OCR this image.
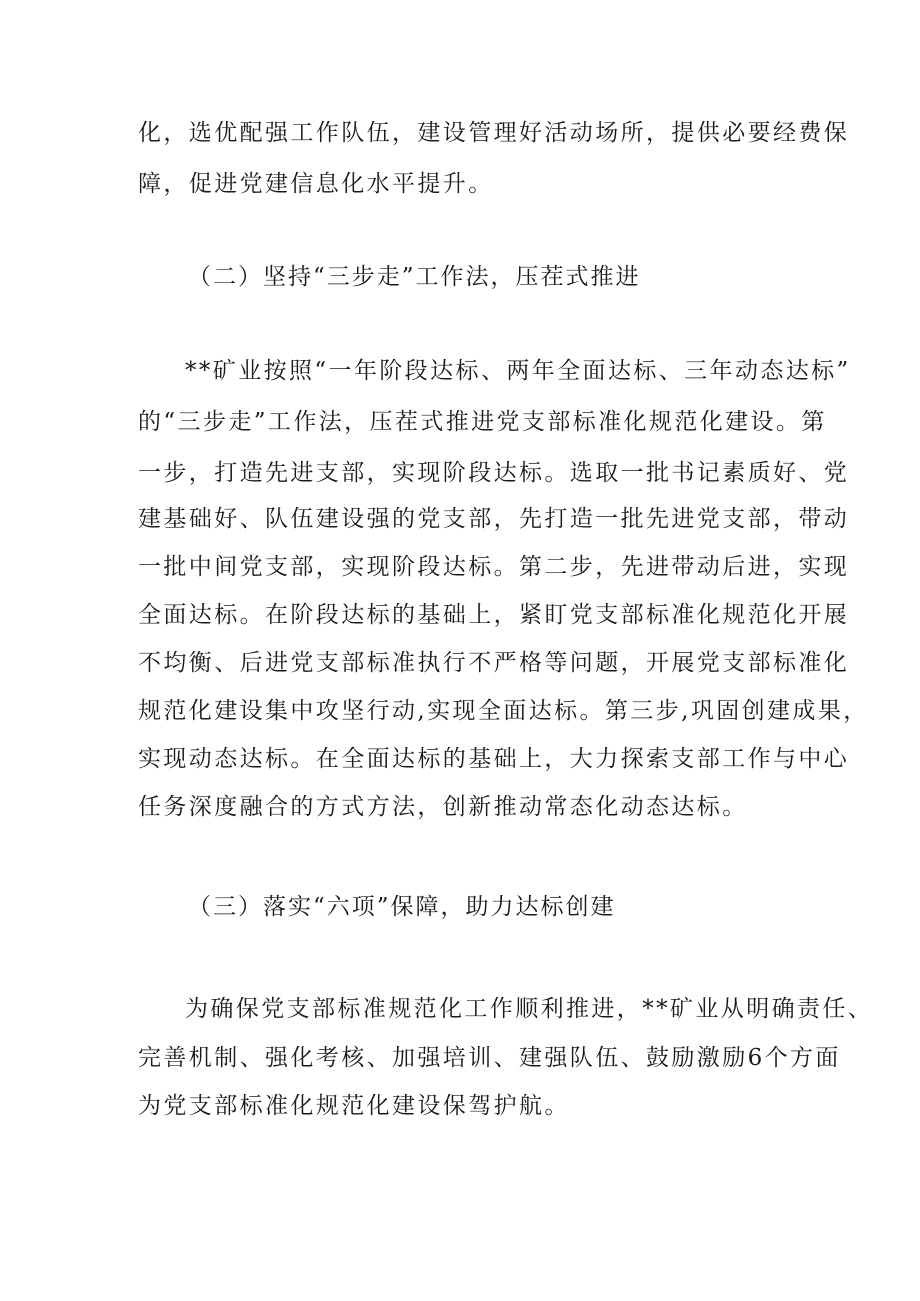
化，选优配强工作队伍，建设管理好活动场所，提供必要经费保
障，促进党建信息化水平提升。
（二）坚持“三步走”工作法，压茬式推进
**矿业按照“一年阶段达标、两年全面达标、三年动态达标”
的“三步走”工作法，压茬式推进党支部标准化规范化建设。第
一步，打造先进支部，实现阶段达标。选取一批书记素质好、党
建基础好、队伍建设强的党支部，先打造一批先进党支部，带动
一批中间党支部，实现阶段达标。第二步，先进带动后进，实现
全面达标。在阶段达标的基础上，紧盯党支部标准化规范化开展
不均衡、后进党支部标准执行不严格等问题，开展党支部标准化
规范化建设集中攻坚行动,实现全面达标。第三步,巩固创建成果，
实现动态达标。在全面达标的基础上，大力探索支部工作与中心
任务深度融合的方式方法，创新推动常态化动态达标。
（三）落实“六项”保障，助力达标创建
为确保党支部标准规范化工作顺利推进，**矿业从明确责任、
完善机制、强化考核、加强培训、建强队伍、鼓励激励6个方面
为党支部标准化规范化建设保驾护航。
